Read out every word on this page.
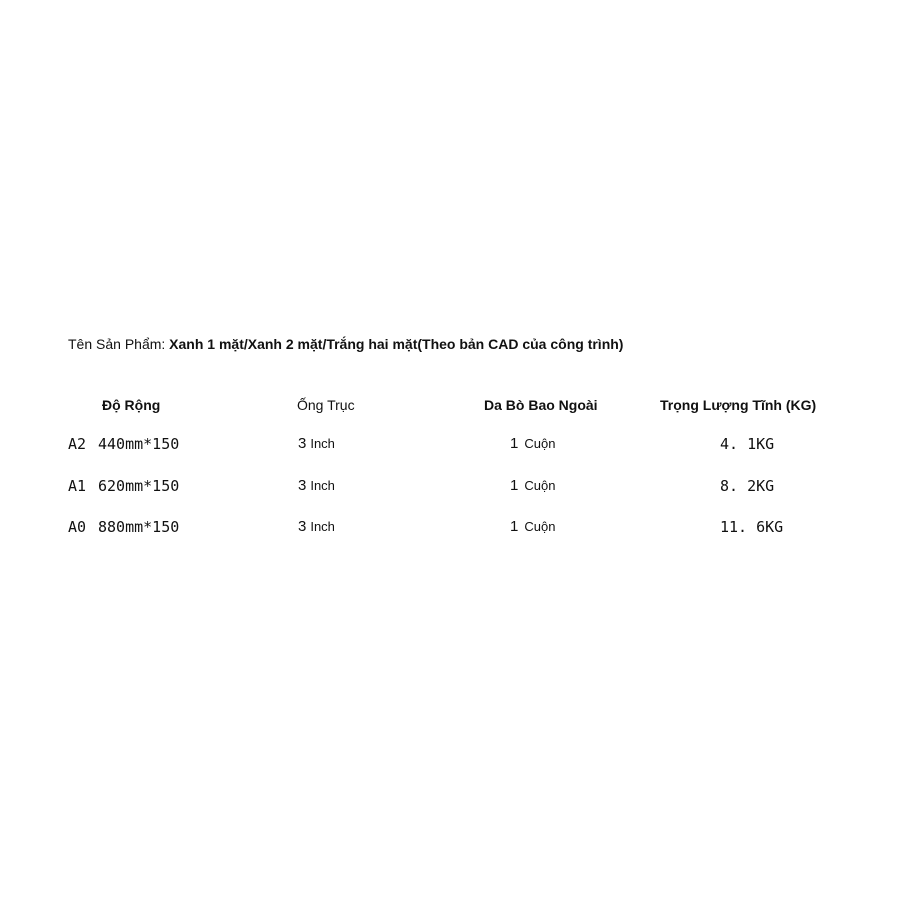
Tên Sản Phẩm: Xanh 1 mặt/Xanh 2 mặt/Trắng hai mặt(Theo bản CAD của công trình)
Độ Rộng	Ống Trục	Da Bò Bao Ngoài	Trọng Lượng Tĩnh (KG)
A2 440mm*150	3 Inch	1 Cuộn	4. 1KG
A1 620mm*150	3 Inch	1 Cuộn	8. 2KG
A0 880mm*150	3 Inch	1 Cuộn	11. 6KG
